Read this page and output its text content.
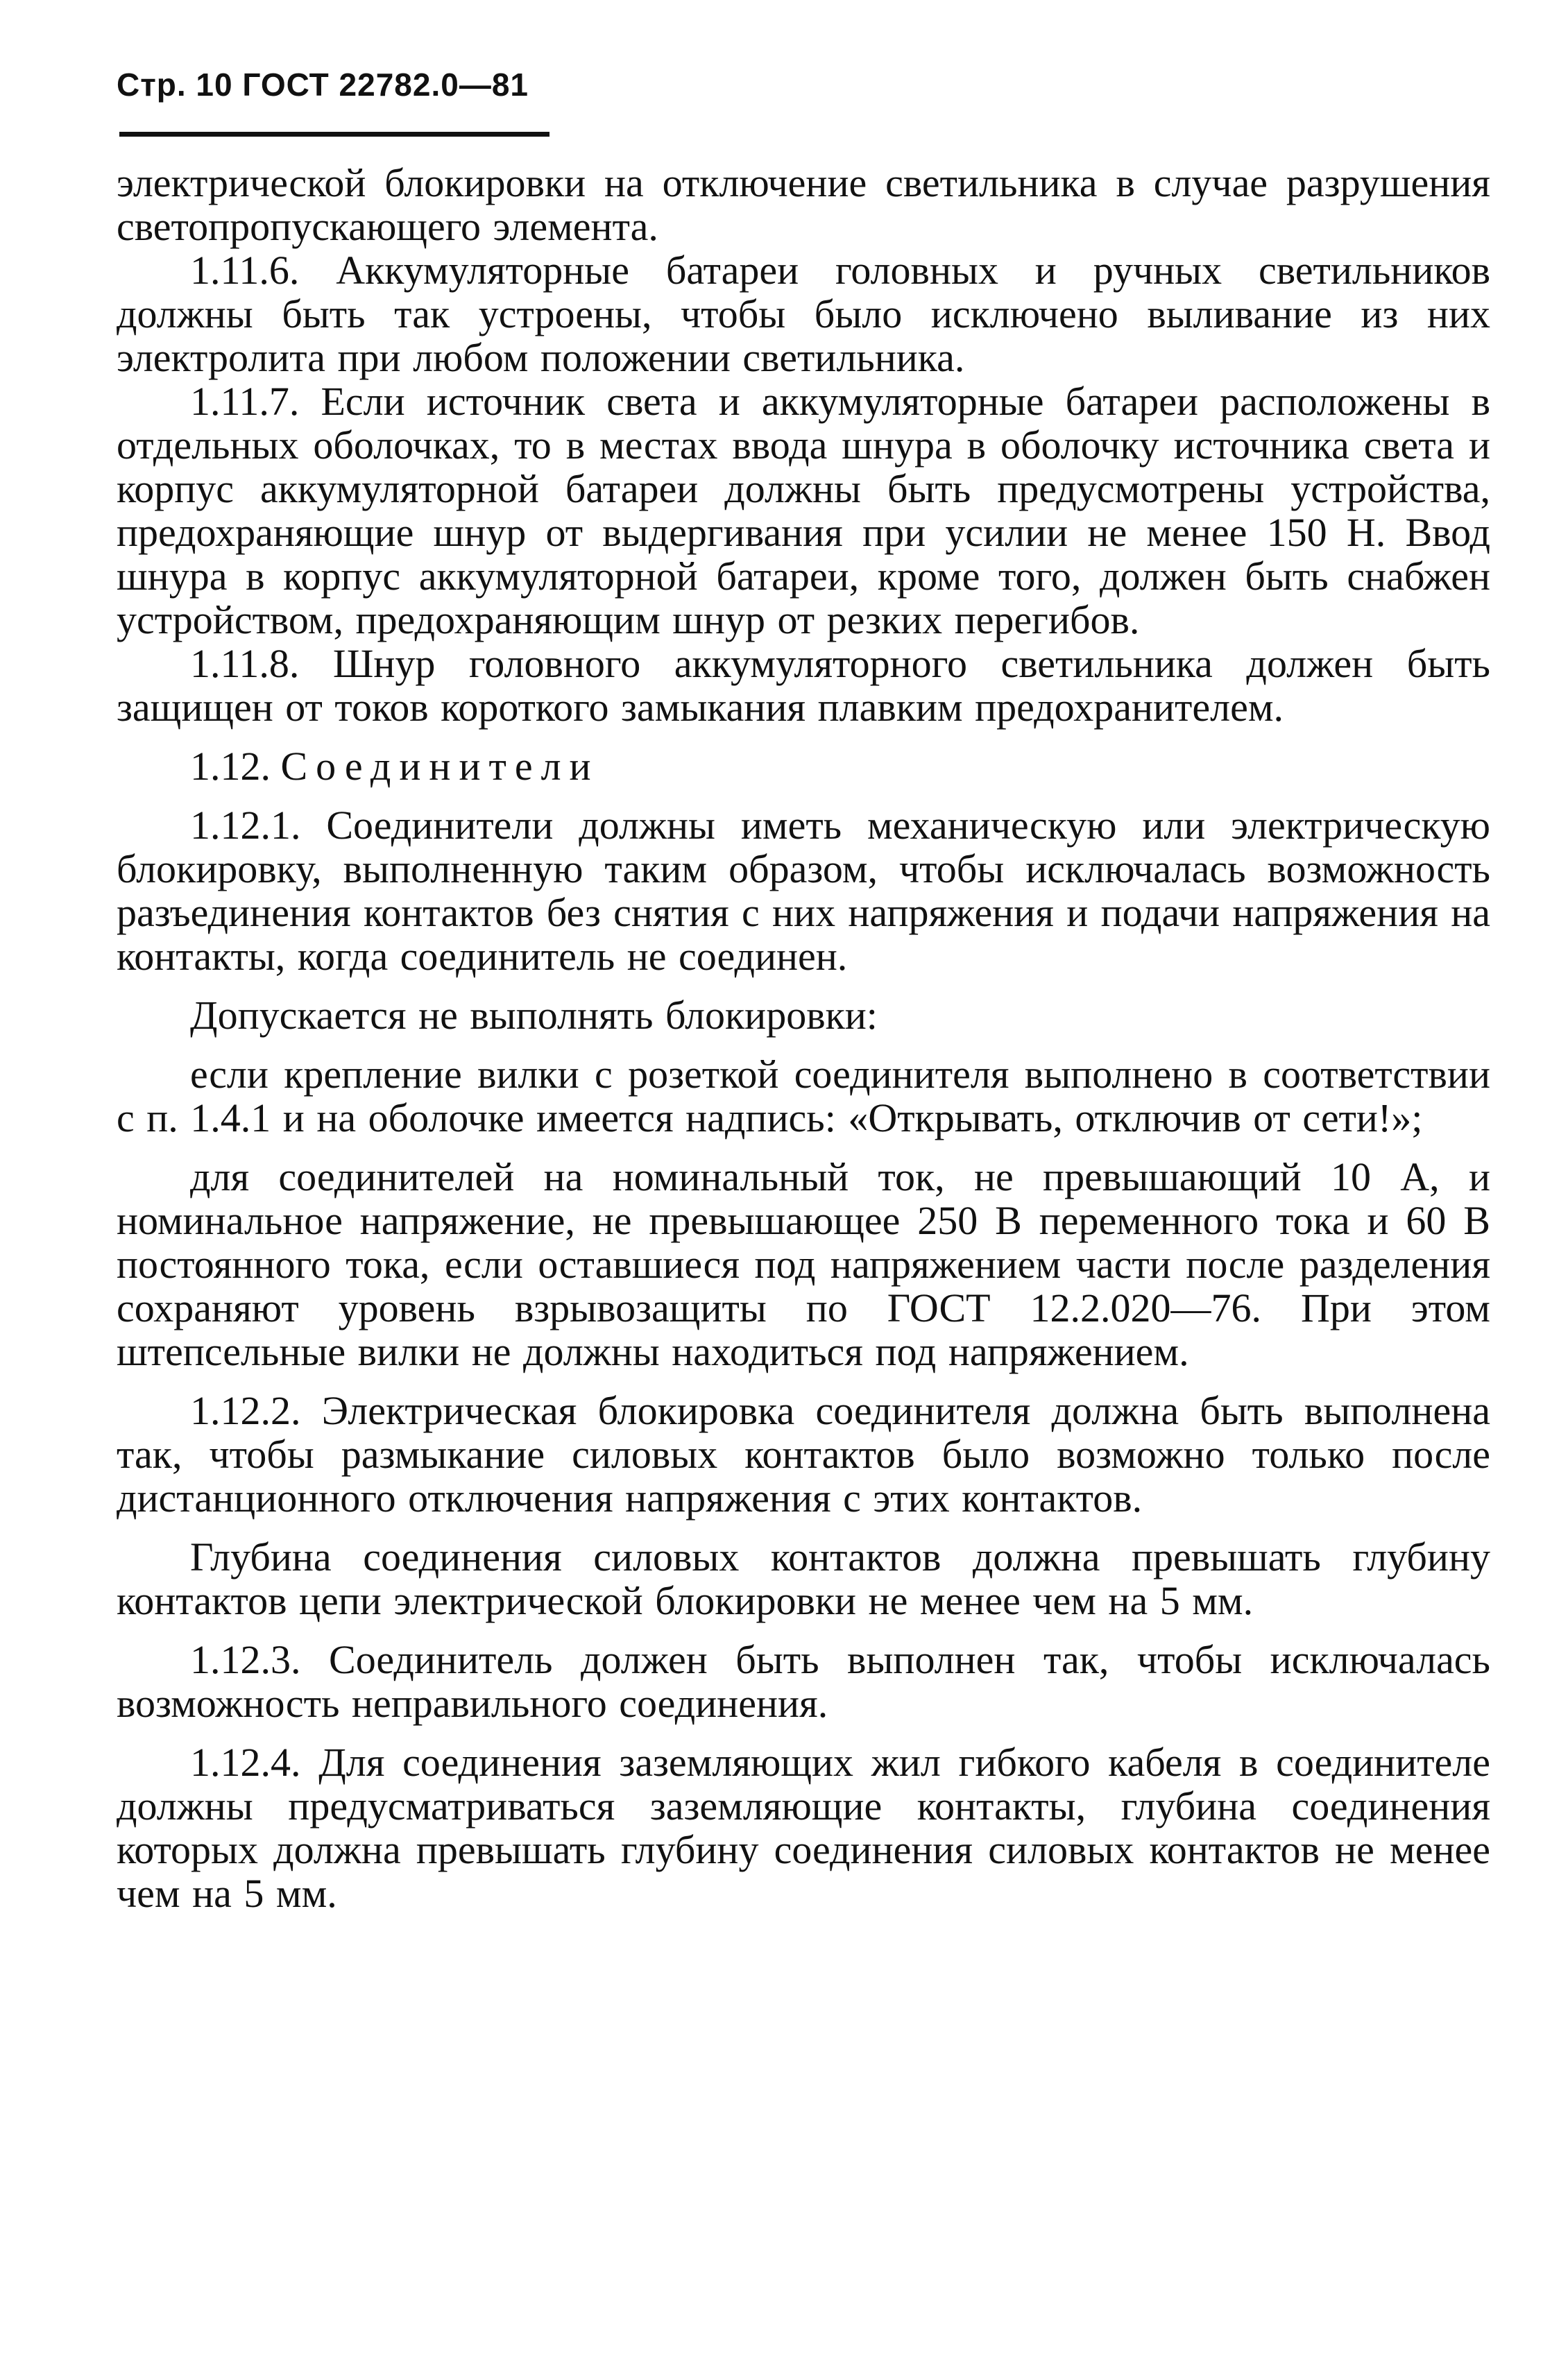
Стр. 10 ГОСТ 22782.0—81

электрической блокировки на отключение светильника в случае разрушения светопропускающего элемента.

1.11.6. Аккумуляторные батареи головных и ручных светильников должны быть так устроены, чтобы было исключено выливание из них электролита при любом положении светильника.

1.11.7. Если источник света и аккумуляторные батареи расположены в отдельных оболочках, то в местах ввода шнура в оболочку источника света и корпус аккумуляторной батареи должны быть предусмотрены устройства, предохраняющие шнур от выдергивания при усилии не менее 150 Н. Ввод шнура в корпус аккумуляторной батареи, кроме того, должен быть снабжен устройством, предохраняющим шнур от резких перегибов.

1.11.8. Шнур головного аккумуляторного светильника должен быть защищен от токов короткого замыкания плавким предохранителем.

1.12. Соединители

1.12.1. Соединители должны иметь механическую или электрическую блокировку, выполненную таким образом, чтобы исключалась возможность разъединения контактов без снятия с них напряжения и подачи напряжения на контакты, когда соединитель не соединен.

Допускается не выполнять блокировки:

если крепление вилки с розеткой соединителя выполнено в соответствии с п. 1.4.1 и на оболочке имеется надпись: «Открывать, отключив от сети!»;

для соединителей на номинальный ток, не превышающий 10 А, и номинальное напряжение, не превышающее 250 В переменного тока и 60 В постоянного тока, если оставшиеся под напряжением части после разделения сохраняют уровень взрывозащиты по ГОСТ 12.2.020—76. При этом штепсельные вилки не должны находиться под напряжением.

1.12.2. Электрическая блокировка соединителя должна быть выполнена так, чтобы размыкание силовых контактов было возможно только после дистанционного отключения напряжения с этих контактов.

Глубина соединения силовых контактов должна превышать глубину контактов цепи электрической блокировки не менее чем на 5 мм.

1.12.3. Соединитель должен быть выполнен так, чтобы исключалась возможность неправильного соединения.

1.12.4. Для соединения заземляющих жил гибкого кабеля в соединителе должны предусматриваться заземляющие контакты, глубина соединения которых должна превышать глубину соединения силовых контактов не менее чем на 5 мм.
